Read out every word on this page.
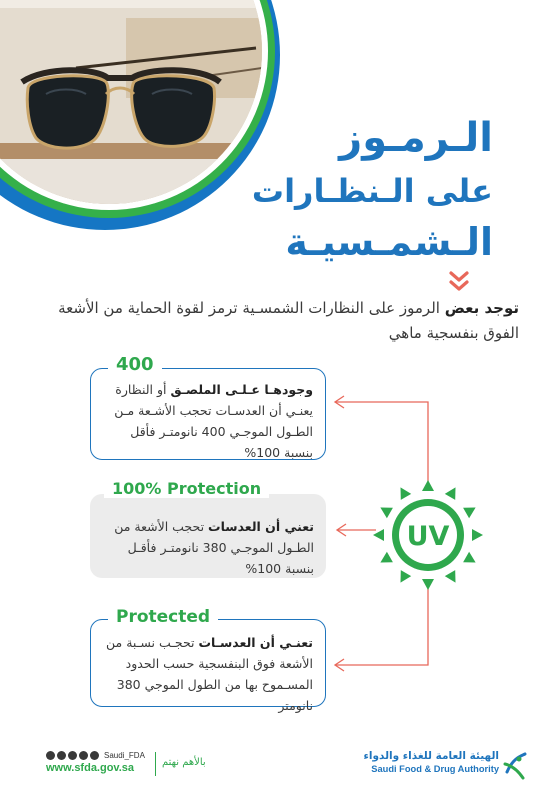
الـرمـوز
على الـنظـارات
الـشمـسيـة
توجد بعض الرموز على النظارات الشمسـية ترمز لقوة الحماية من الأشعة الفوق بنفسجية ماهي
UV
وجودهـا عـلـى الملصـق أو النظارة يعنـي أن العدسـات تحجب الأشـعة مـن الطـول الموجـي 400 نانومتـر فأقل بنسبة 100%
400
تعني أن العدسات تحجب الأشعة من الطـول الموجـي 380 نانومتـر فأقـل بنسبة 100%
100% Protection
تعنـي أن العدسـات تحجـب نسـبة من الأشعة فوق البنفسجية حسب الحدود المسـموح بها من الطول الموجي 380 نانومتر
Protected
Saudi_FDA
www.sfda.gov.sa	بالأهم نهتم
الهيئة العامة للغذاء والدواء
Saudi Food & Drug Authority
